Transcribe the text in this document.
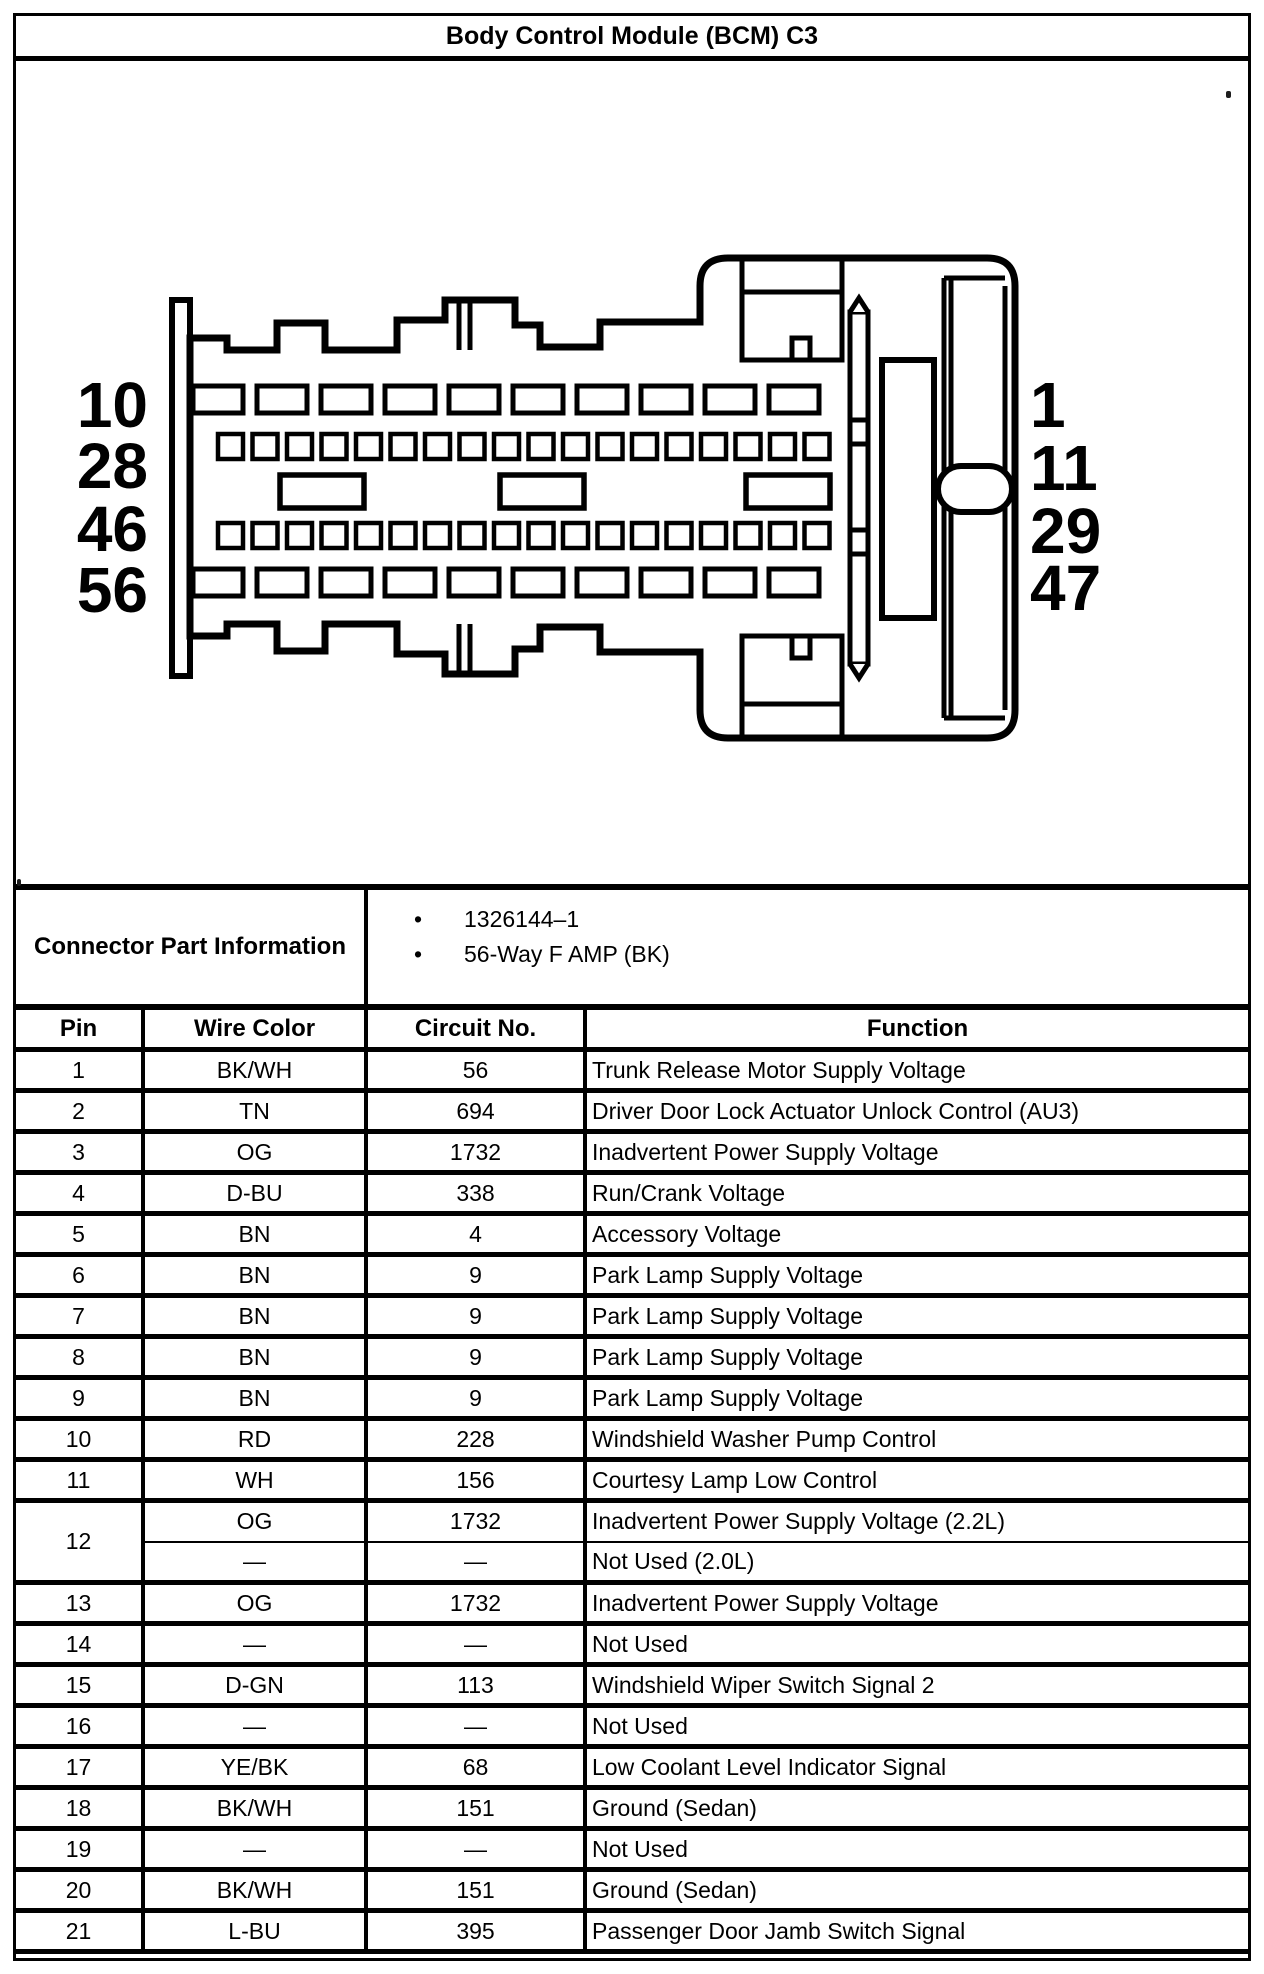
Body Control Module (BCM) C3
10
28
46
56
1
11
29
47
Connector Part Information
•	1326144–1
•	56-Way F AMP (BK)
Pin	Wire Color	Circuit No.	Function
1	BK/WH	56	Trunk Release Motor Supply Voltage
2	TN	694	Driver Door Lock Actuator Unlock Control (AU3)
3	OG	1732	Inadvertent Power Supply Voltage
4	D-BU	338	Run/Crank Voltage
5	BN	4	Accessory Voltage
6	BN	9	Park Lamp Supply Voltage
7	BN	9	Park Lamp Supply Voltage
8	BN	9	Park Lamp Supply Voltage
9	BN	9	Park Lamp Supply Voltage
10	RD	228	Windshield Washer Pump Control
11	WH	156	Courtesy Lamp Low Control
12
OG	1732	Inadvertent Power Supply Voltage (2.2L)
—	—	Not Used (2.0L)
13	OG	1732	Inadvertent Power Supply Voltage
14	—	—	Not Used
15	D-GN	113	Windshield Wiper Switch Signal 2
16	—	—	Not Used
17	YE/BK	68	Low Coolant Level Indicator Signal
18	BK/WH	151	Ground (Sedan)
19	—	—	Not Used
20	BK/WH	151	Ground (Sedan)
21	L-BU	395	Passenger Door Jamb Switch Signal
